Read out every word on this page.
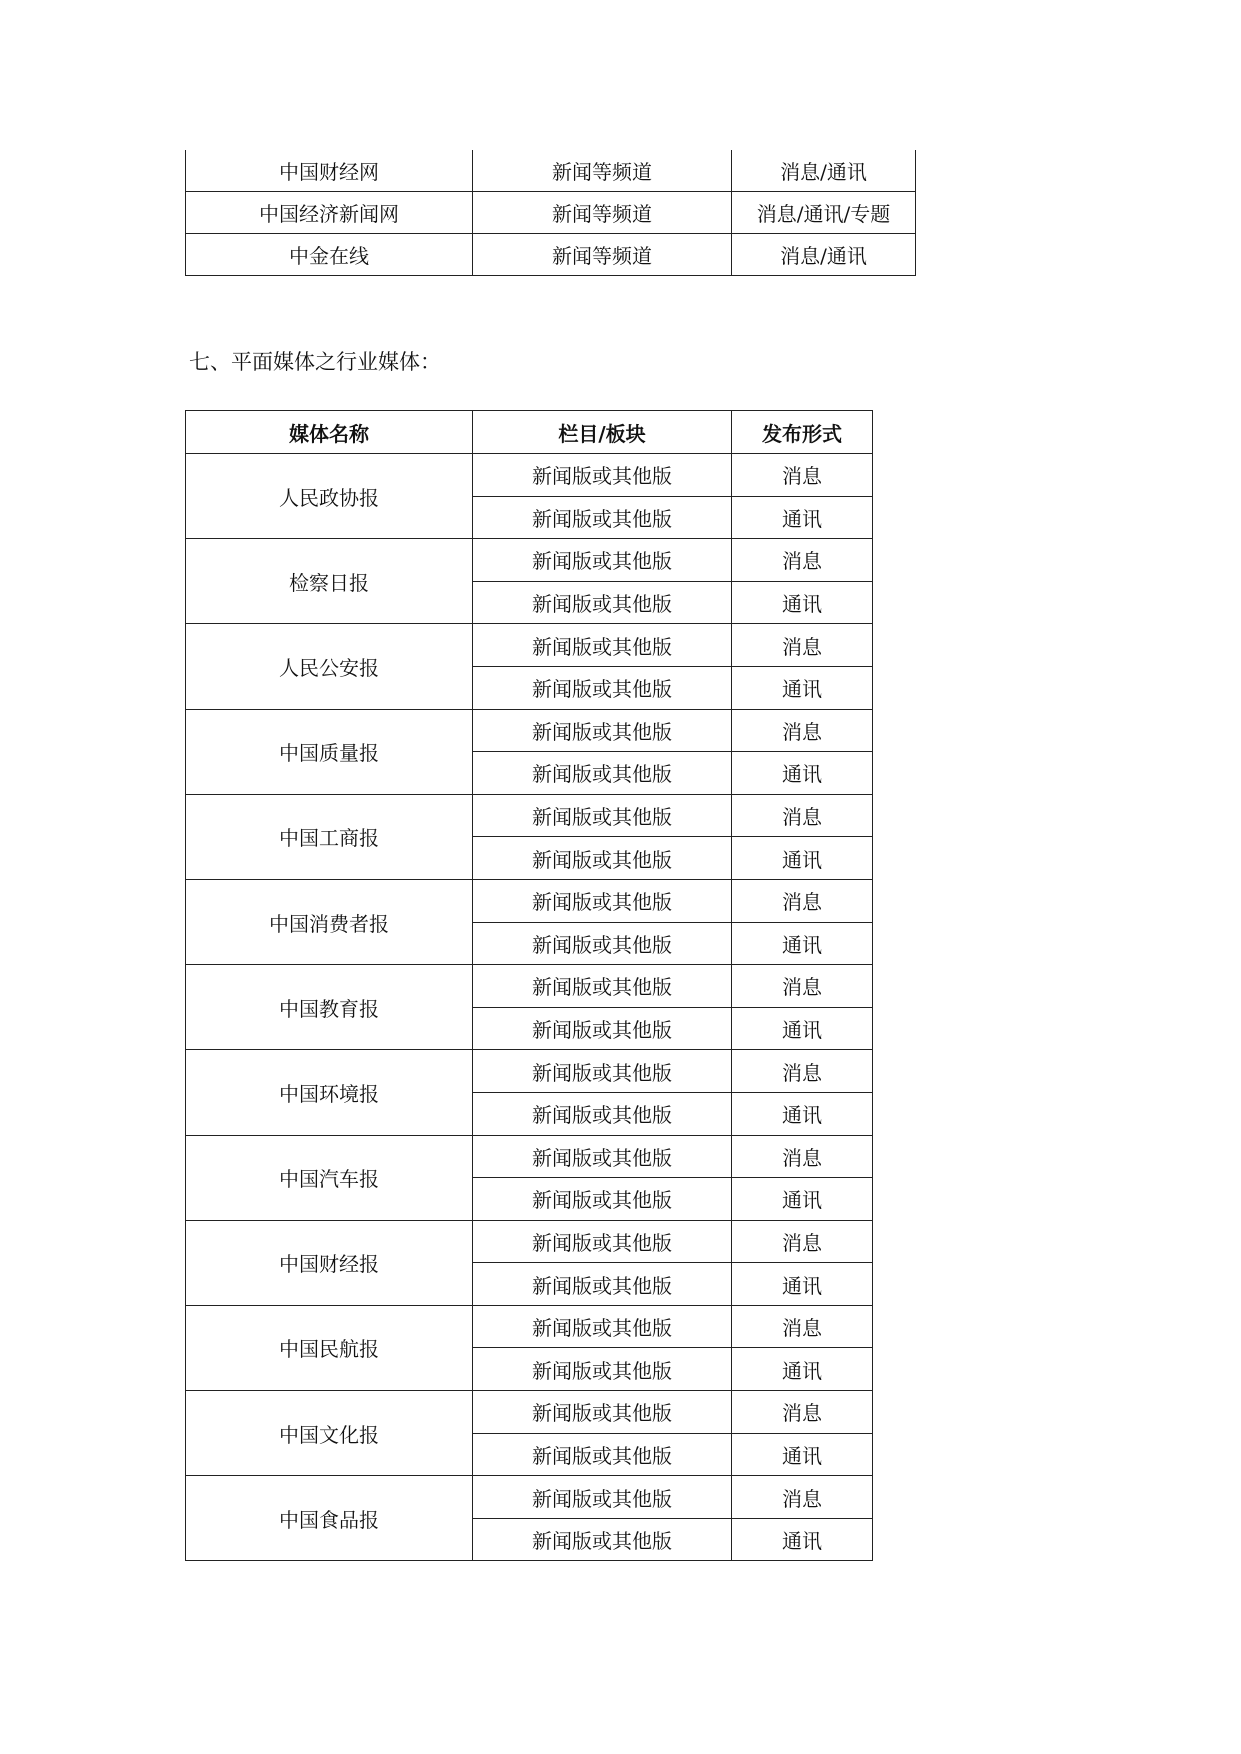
中国财经网	新闻等频道	消息/通讯
中国经济新闻网	新闻等频道	消息/通讯/专题
中金在线	新闻等频道	消息/通讯

七、平面媒体之行业媒体：

媒体名称	栏目/板块	发布形式
人民政协报	新闻版或其他版	消息
	新闻版或其他版	通讯
检察日报	新闻版或其他版	消息
	新闻版或其他版	通讯
人民公安报	新闻版或其他版	消息
	新闻版或其他版	通讯
中国质量报	新闻版或其他版	消息
	新闻版或其他版	通讯
中国工商报	新闻版或其他版	消息
	新闻版或其他版	通讯
中国消费者报	新闻版或其他版	消息
	新闻版或其他版	通讯
中国教育报	新闻版或其他版	消息
	新闻版或其他版	通讯
中国环境报	新闻版或其他版	消息
	新闻版或其他版	通讯
中国汽车报	新闻版或其他版	消息
	新闻版或其他版	通讯
中国财经报	新闻版或其他版	消息
	新闻版或其他版	通讯
中国民航报	新闻版或其他版	消息
	新闻版或其他版	通讯
中国文化报	新闻版或其他版	消息
	新闻版或其他版	通讯
中国食品报	新闻版或其他版	消息
	新闻版或其他版	通讯
